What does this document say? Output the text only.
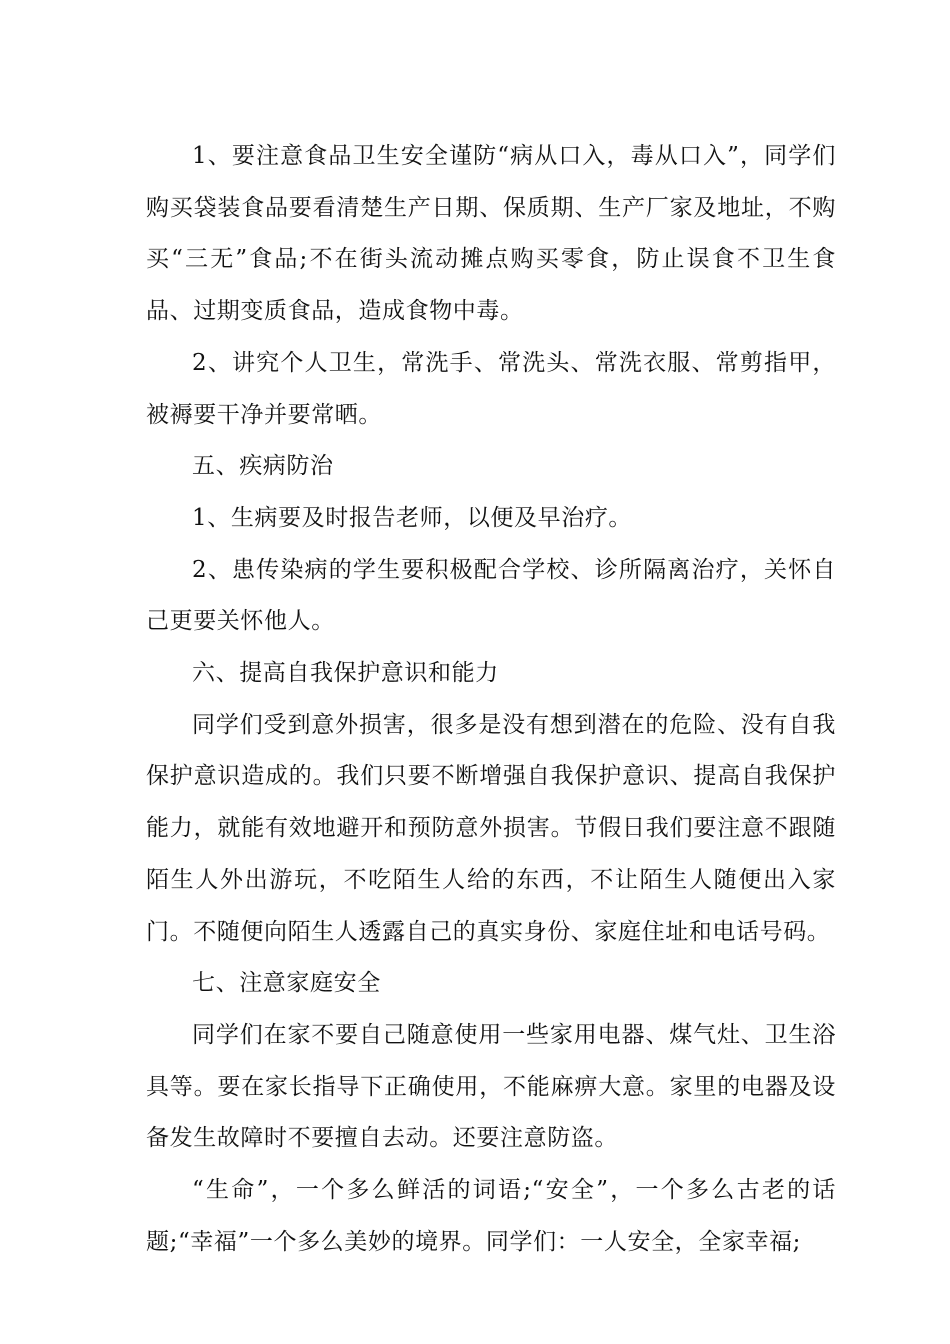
1、要注意食品卫生安全谨防“病从口入，毒从口入”，同学们购买袋装食品要看清楚生产日期、保质期、生产厂家及地址，不购买“三无”食品;不在街头流动摊点购买零食，防止误食不卫生食品、过期变质食品，造成食物中毒。

2、讲究个人卫生，常洗手、常洗头、常洗衣服、常剪指甲，被褥要干净并要常晒。

五、疾病防治

1、生病要及时报告老师，以便及早治疗。

2、患传染病的学生要积极配合学校、诊所隔离治疗，关怀自己更要关怀他人。

六、提高自我保护意识和能力

同学们受到意外损害，很多是没有想到潜在的危险、没有自我保护意识造成的。我们只要不断增强自我保护意识、提高自我保护能力，就能有效地避开和预防意外损害。节假日我们要注意不跟随陌生人外出游玩，不吃陌生人给的东西，不让陌生人随便出入家门。不随便向陌生人透露自己的真实身份、家庭住址和电话号码。

七、注意家庭安全

同学们在家不要自己随意使用一些家用电器、煤气灶、卫生浴具等。要在家长指导下正确使用，不能麻痹大意。家里的电器及设备发生故障时不要擅自去动。还要注意防盗。

“生命”，一个多么鲜活的词语;“安全”，一个多么古老的话题;“幸福”一个多么美妙的境界。同学们：一人安全，全家幸福;
